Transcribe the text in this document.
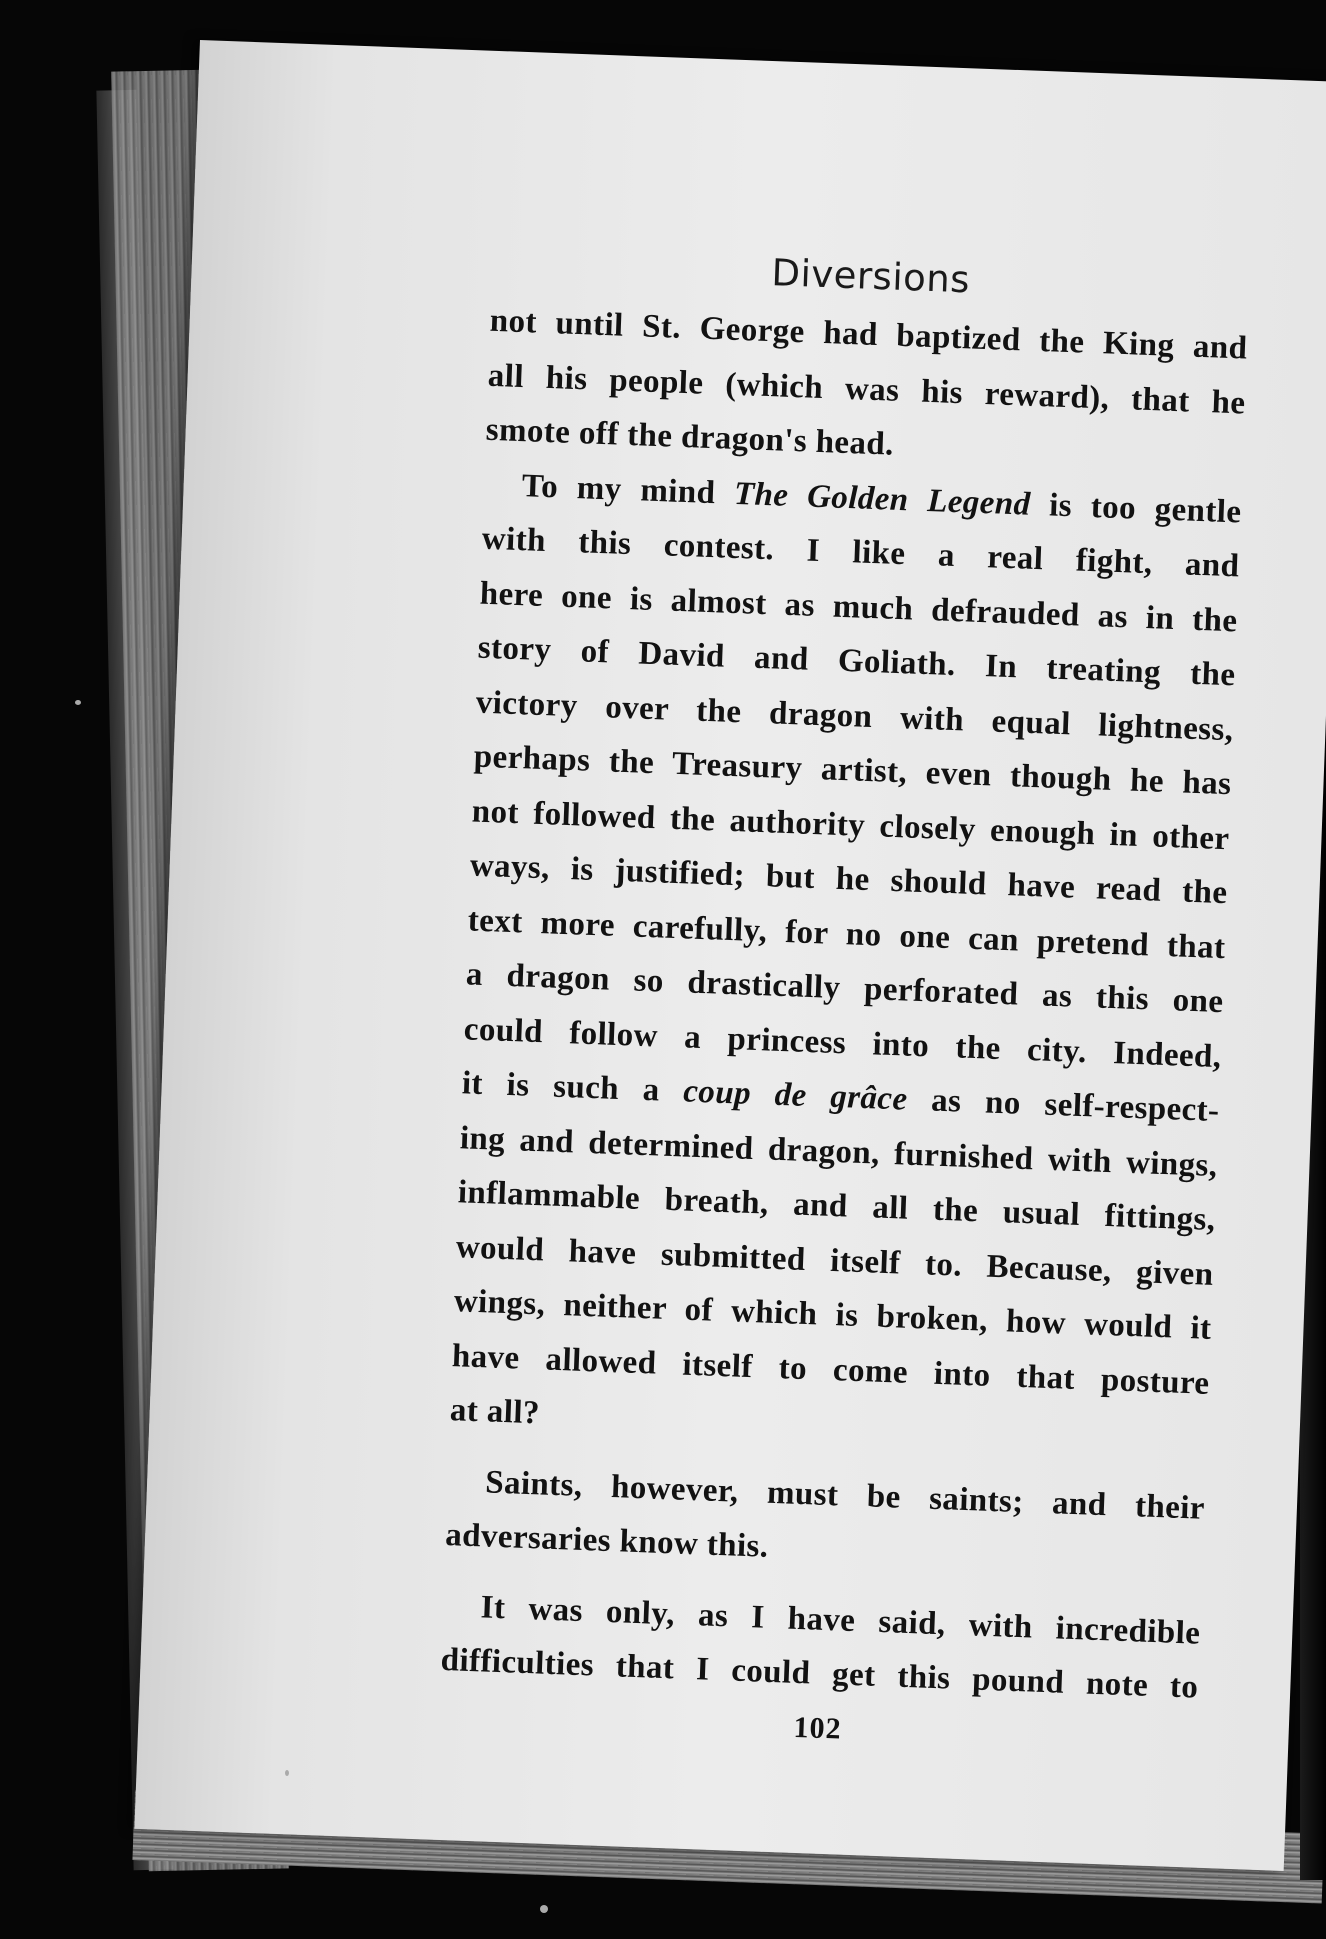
Diversions

not until St. George had baptized the King and

all his people (which was his reward), that he

smote off the dragon's head.

To my mind The Golden Legend is too gentle

with this contest. I like a real fight, and

here one is almost as much defrauded as in the

story of David and Goliath. In treating the

victory over the dragon with equal lightness,

perhaps the Treasury artist, even though he has

not followed the authority closely enough in other

ways, is justified; but he should have read the

text more carefully, for no one can pretend that

a dragon so drastically perforated as this one

could follow a princess into the city. Indeed,

it is such a coup de grâce as no self-respect-

ing and determined dragon, furnished with wings,

inflammable breath, and all the usual fittings,

would have submitted itself to. Because, given

wings, neither of which is broken, how would it

have allowed itself to come into that posture

at all?

Saints, however, must be saints; and their

adversaries know this.

It was only, as I have said, with incredible

difficulties that I could get this pound note to

102
